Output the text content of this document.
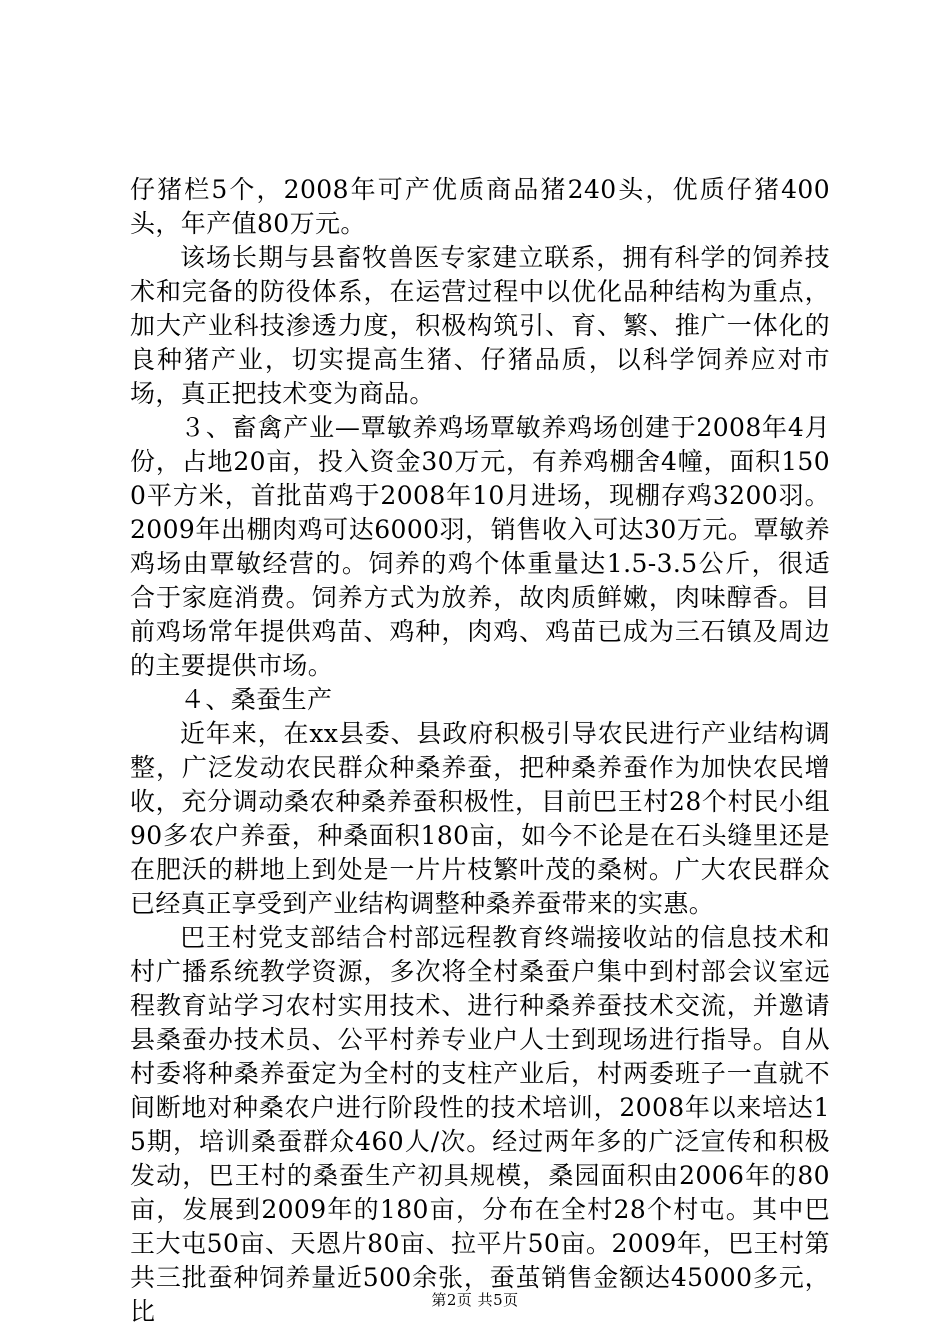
仔猪栏5个，2008年可产优质商品猪240头，优质仔猪400头，年产值80万元。

该场长期与县畜牧兽医专家建立联系，拥有科学的饲养技术和完备的防役体系，在运营过程中以优化品种结构为重点，加大产业科技渗透力度，积极构筑引、育、繁、推广一体化的良种猪产业，切实提高生猪、仔猪品质，以科学饲养应对市场，真正把技术变为商品。

３、畜禽产业—覃敏养鸡场覃敏养鸡场创建于2008年4月份，占地20亩，投入资金30万元，有养鸡棚舍4幢，面积1500平方米，首批苗鸡于2008年10月进场，现棚存鸡3200羽。2009年出棚肉鸡可达6000羽，销售收入可达30万元。覃敏养鸡场由覃敏经营的。饲养的鸡个体重量达1.5-3.5公斤，很适合于家庭消费。饲养方式为放养，故肉质鲜嫩，肉味醇香。目前鸡场常年提供鸡苗、鸡种，肉鸡、鸡苗已成为三石镇及周边的主要提供市场。

４、桑蚕生产

近年来，在xx县委、县政府积极引导农民进行产业结构调整，广泛发动农民群众种桑养蚕，把种桑养蚕作为加快农民增收，充分调动桑农种桑养蚕积极性，目前巴王村28个村民小组90多农户养蚕，种桑面积180亩，如今不论是在石头缝里还是在肥沃的耕地上到处是一片片枝繁叶茂的桑树。广大农民群众已经真正享受到产业结构调整种桑养蚕带来的实惠。

巴王村党支部结合村部远程教育终端接收站的信息技术和村广播系统教学资源，多次将全村桑蚕户集中到村部会议室远程教育站学习农村实用技术、进行种桑养蚕技术交流，并邀请县桑蚕办技术员、公平村养专业户人士到现场进行指导。自从村委将种桑养蚕定为全村的支柱产业后，村两委班子一直就不间断地对种桑农户进行阶段性的技术培训，2008年以来培达15期，培训桑蚕群众460人/次。经过两年多的广泛宣传和积极发动，巴王村的桑蚕生产初具规模，桑园面积由2006年的80亩，发展到2009年的180亩，分布在全村28个村屯。其中巴王大屯50亩、天恩片80亩、拉平片50亩。2009年，巴王村第共三批蚕种饲养量近500余张，蚕茧销售金额达45000多元，比	第2页 共5页
